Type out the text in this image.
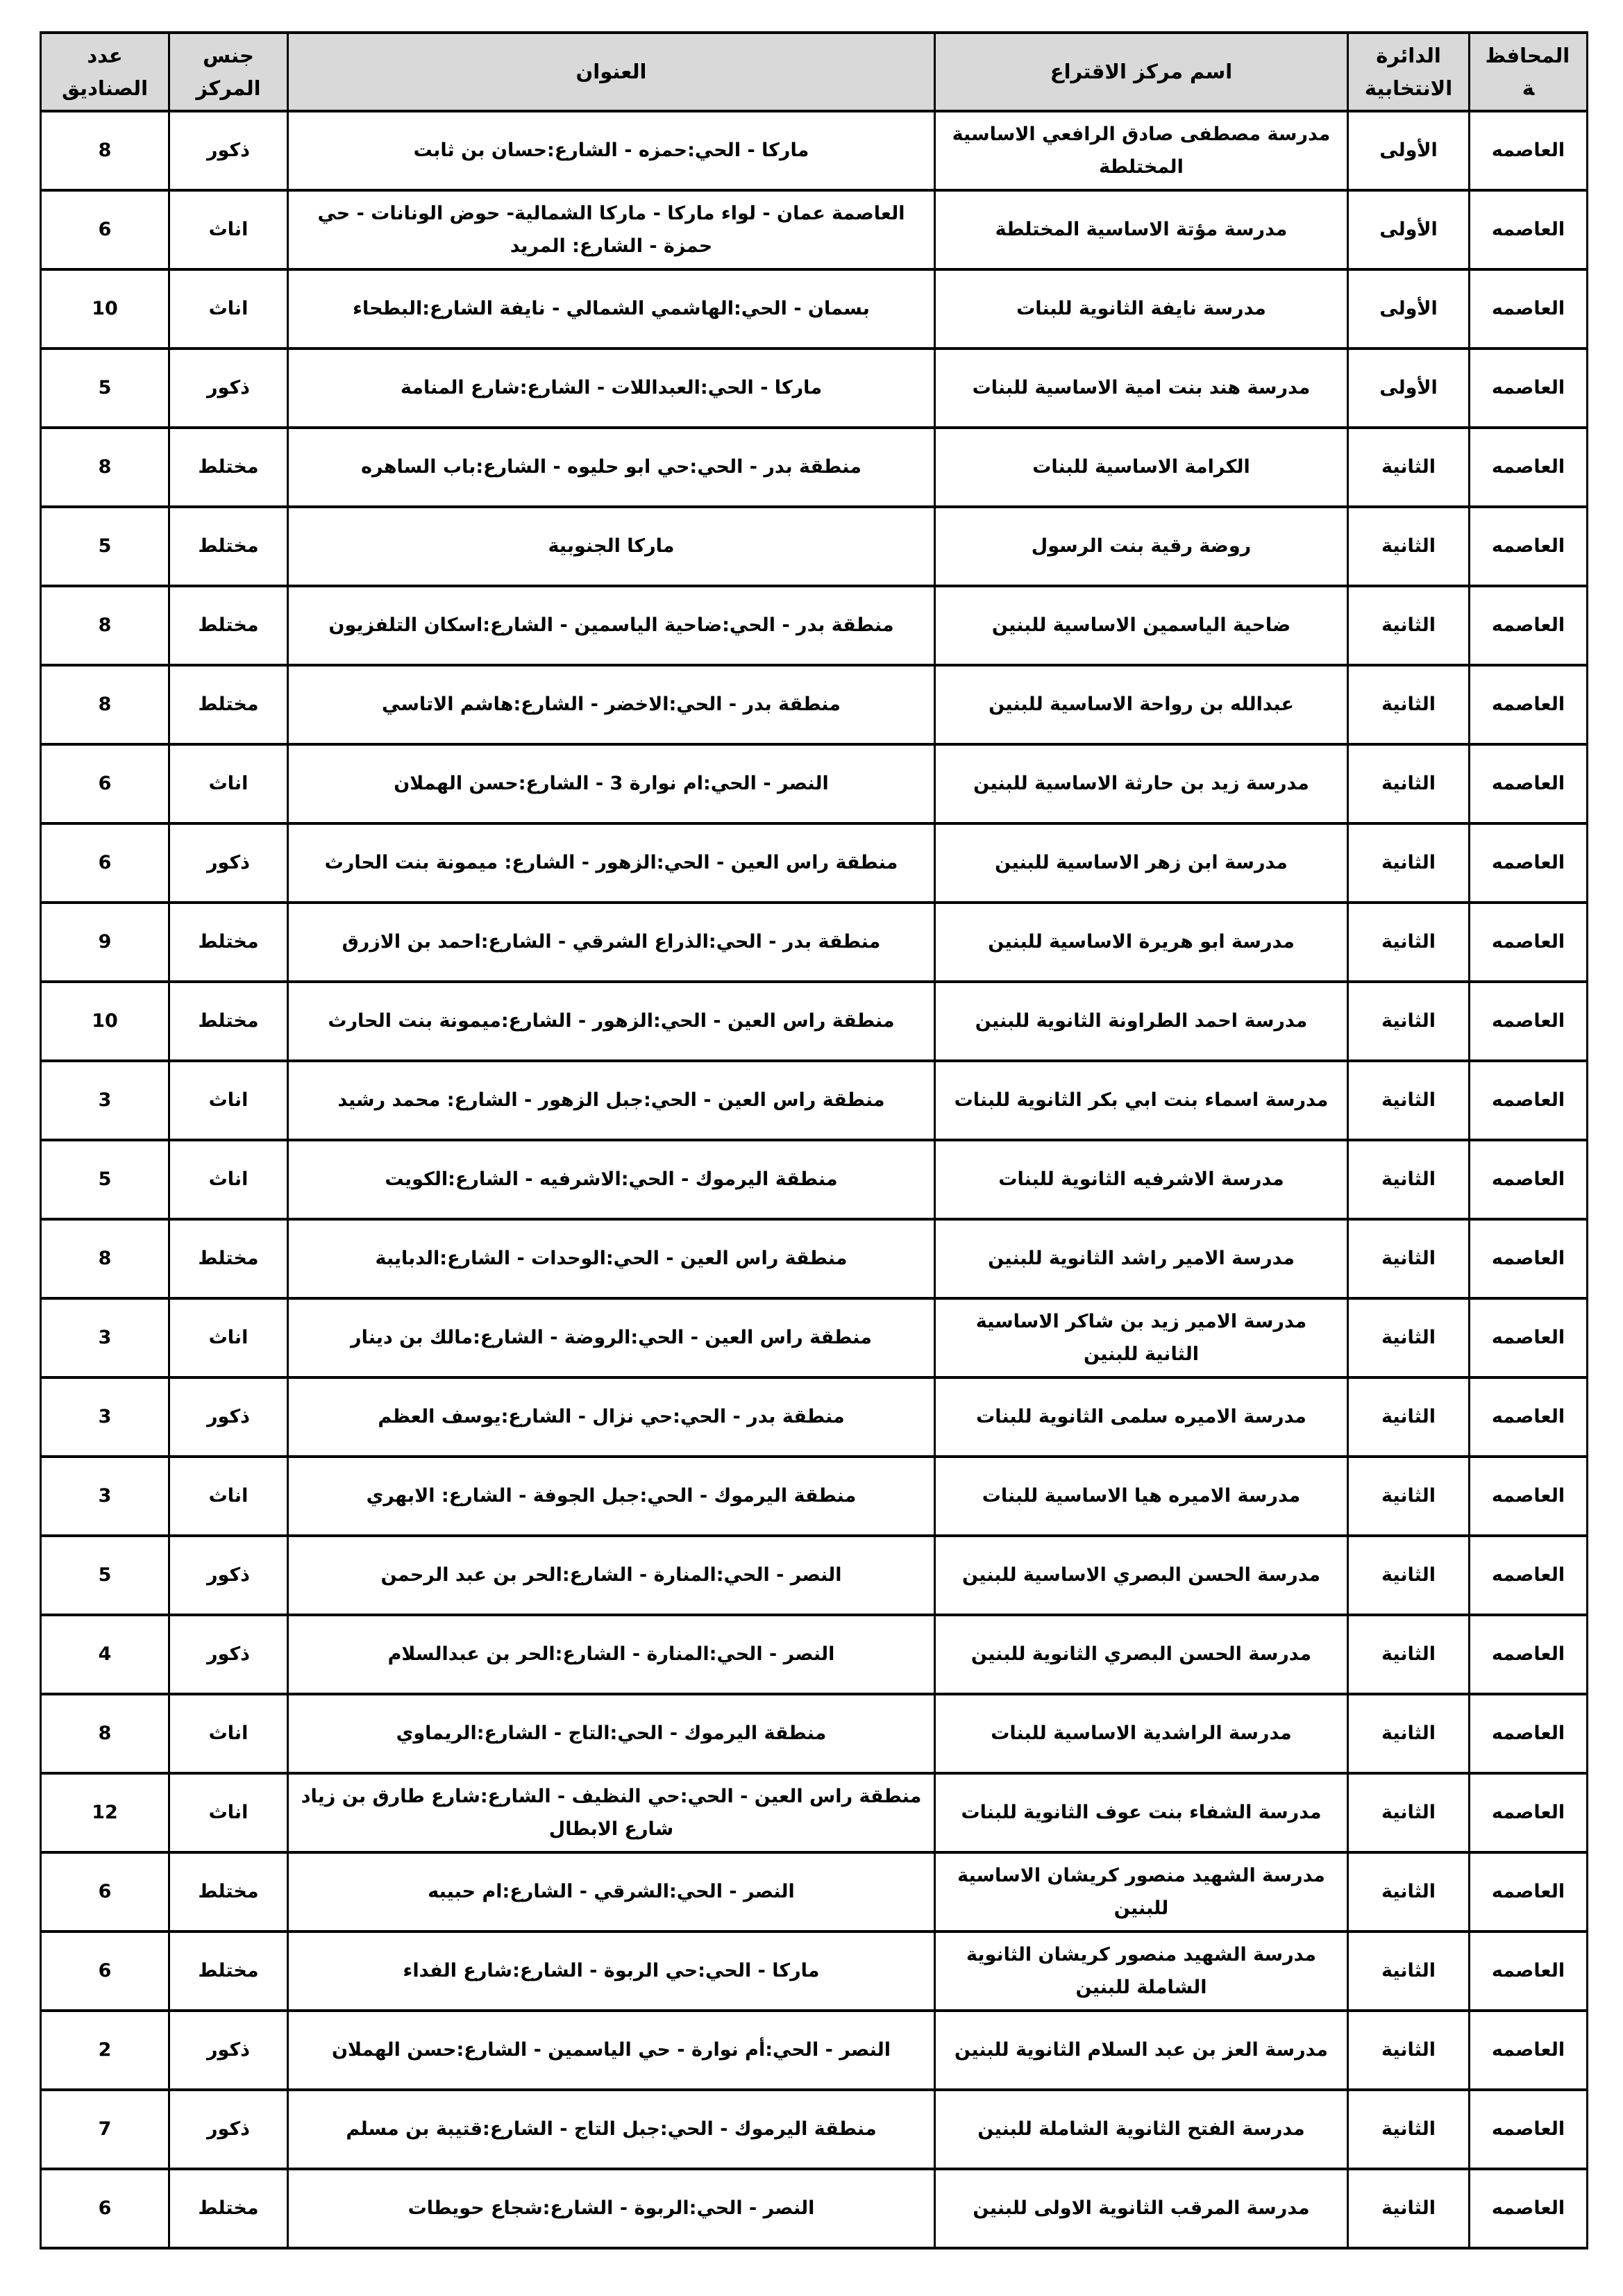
المحافظة	الدائرة الانتخابية	اسم مركز الاقتراع	العنوان	جنس المركز	عدد الصناديق
العاصمه	الأولى	مدرسة مصطفى صادق الرافعي الاساسية المختلطة	ماركا - الحي:حمزه - الشارع:حسان بن ثابت	ذكور	8
العاصمه	الأولى	مدرسة مؤتة الاساسية المختلطة	العاصمة عمان - لواء ماركا - ماركا الشمالية- حوض الونانات - حي حمزة - الشارع: المريد	اناث	6
العاصمه	الأولى	مدرسة نايفة الثانوية للبنات	بسمان - الحي:الهاشمي الشمالي - نايفة الشارع:البطحاء	اناث	10
العاصمه	الأولى	مدرسة هند بنت امية الاساسية للبنات	ماركا - الحي:العبداللات - الشارع:شارع المنامة	ذكور	5
العاصمه	الثانية	الكرامة الاساسية للبنات	منطقة بدر - الحي:حي ابو حليوه - الشارع:باب الساهره	مختلط	8
العاصمه	الثانية	روضة رقية بنت الرسول	ماركا الجنوبية	مختلط	5
العاصمه	الثانية	ضاحية الياسمين الاساسية للبنين	منطقة بدر - الحي:ضاحية الياسمين - الشارع:اسكان التلفزيون	مختلط	8
العاصمه	الثانية	عبدالله بن رواحة الاساسية للبنين	منطقة بدر - الحي:الاخضر - الشارع:هاشم الاتاسي	مختلط	8
العاصمه	الثانية	مدرسة زيد بن حارثة الاساسية للبنين	النصر - الحي:ام نوارة 3 - الشارع:حسن الهملان	اناث	6
العاصمه	الثانية	مدرسة ابن زهر الاساسية للبنين	منطقة راس العين - الحي:الزهور - الشارع: ميمونة بنت الحارث	ذكور	6
العاصمه	الثانية	مدرسة ابو هريرة الاساسية للبنين	منطقة بدر - الحي:الذراع الشرقي - الشارع:احمد بن الازرق	مختلط	9
العاصمه	الثانية	مدرسة احمد الطراونة الثانوية للبنين	منطقة راس العين - الحي:الزهور - الشارع:ميمونة بنت الحارث	مختلط	10
العاصمه	الثانية	مدرسة اسماء بنت ابي بكر الثانوية للبنات	منطقة راس العين - الحي:جبل الزهور - الشارع: محمد رشيد	اناث	3
العاصمه	الثانية	مدرسة الاشرفيه الثانوية للبنات	منطقة اليرموك - الحي:الاشرفيه - الشارع:الكويت	اناث	5
العاصمه	الثانية	مدرسة الامير راشد الثانوية للبنين	منطقة راس العين - الحي:الوحدات - الشارع:الدبايبة	مختلط	8
العاصمه	الثانية	مدرسة الامير زيد بن شاكر الاساسية الثانية للبنين	منطقة راس العين - الحي:الروضة - الشارع:مالك بن دينار	اناث	3
العاصمه	الثانية	مدرسة الاميره سلمى الثانوية للبنات	منطقة بدر - الحي:حي نزال - الشارع:يوسف العظم	ذكور	3
العاصمه	الثانية	مدرسة الاميره هيا الاساسية للبنات	منطقة اليرموك - الحي:جبل الجوفة - الشارع: الابهري	اناث	3
العاصمه	الثانية	مدرسة الحسن البصري الاساسية للبنين	النصر - الحي:المنارة - الشارع:الحر بن عبد الرحمن	ذكور	5
العاصمه	الثانية	مدرسة الحسن البصري الثانوية للبنين	النصر - الحي:المنارة - الشارع:الحر بن عبدالسلام	ذكور	4
العاصمه	الثانية	مدرسة الراشدية الاساسية للبنات	منطقة اليرموك - الحي:التاج - الشارع:الريماوي	اناث	8
العاصمه	الثانية	مدرسة الشفاء بنت عوف الثانوية للبنات	منطقة راس العين - الحي:حي النظيف - الشارع:شارع طارق بن زياد شارع الابطال	اناث	12
العاصمه	الثانية	مدرسة الشهيد منصور كريشان الاساسية للبنين	النصر - الحي:الشرقي - الشارع:ام حبيبه	مختلط	6
العاصمه	الثانية	مدرسة الشهيد منصور كريشان الثانوية الشاملة للبنين	ماركا - الحي:حي الربوة - الشارع:شارع الفداء	مختلط	6
العاصمه	الثانية	مدرسة العز بن عبد السلام الثانوية للبنين	النصر - الحي:أم نوارة - حي الياسمين - الشارع:حسن الهملان	ذكور	2
العاصمه	الثانية	مدرسة الفتح الثانوية الشاملة للبنين	منطقة اليرموك - الحي:جبل التاج - الشارع:قتيبة بن مسلم	ذكور	7
العاصمه	الثانية	مدرسة المرقب الثانوية الاولى للبنين	النصر - الحي:الربوة - الشارع:شجاع حويطات	مختلط	6
